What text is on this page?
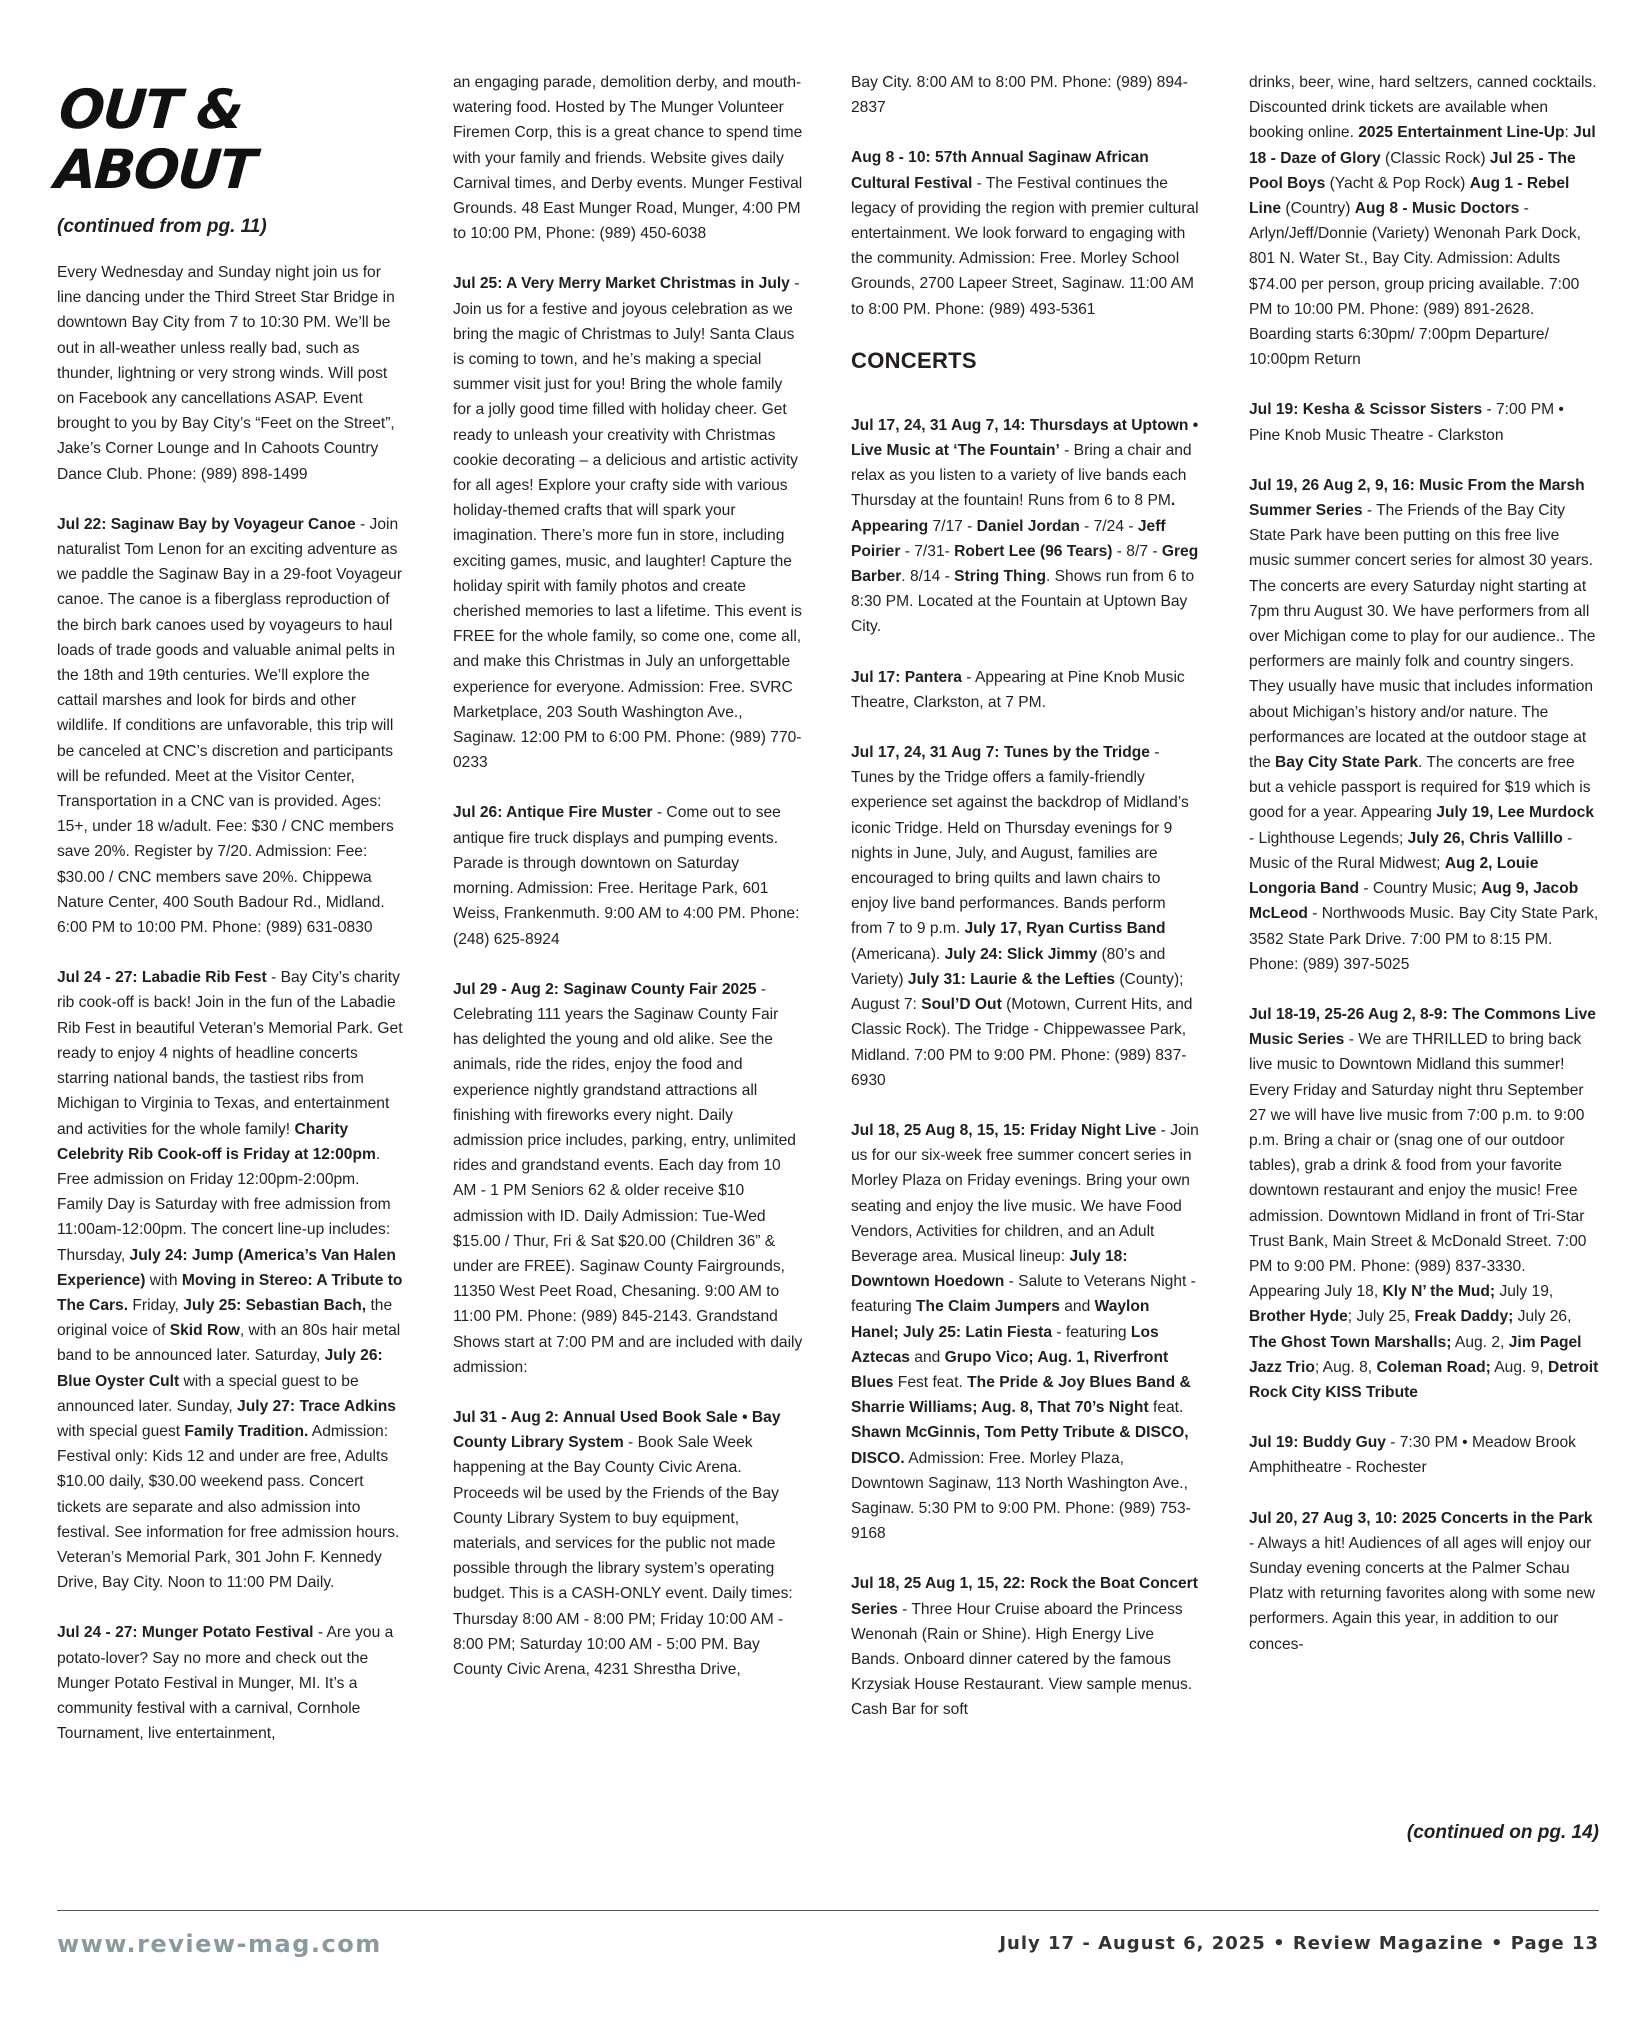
OUT & ABOUT
(continued from pg. 11)
Every Wednesday and Sunday night join us for line dancing under the Third Street Star Bridge in downtown Bay City from 7 to 10:30 PM. We’ll be out in all-weather unless really bad, such as thunder, lightning or very strong winds. Will post on Facebook any cancellations ASAP. Event brought to you by Bay City’s “Feet on the Street”, Jake’s Corner Lounge and In Cahoots Country Dance Club. Phone: (989) 898-1499
Jul 22: Saginaw Bay by Voyageur Canoe - Join naturalist Tom Lenon for an exciting adventure as we paddle the Saginaw Bay in a 29-foot Voyageur canoe. The canoe is a fiberglass reproduction of the birch bark canoes used by voyageurs to haul loads of trade goods and valuable animal pelts in the 18th and 19th centuries. We’ll explore the cattail marshes and look for birds and other wildlife. If conditions are unfavorable, this trip will be canceled at CNC’s discretion and participants will be refunded. Meet at the Visitor Center, Transportation in a CNC van is provided. Ages: 15+, under 18 w/adult. Fee: $30 / CNC members save 20%. Register by 7/20. Admission: Fee: $30.00 / CNC members save 20%. Chippewa Nature Center, 400 South Badour Rd., Midland. 6:00 PM to 10:00 PM. Phone: (989) 631-0830
Jul 24 - 27: Labadie Rib Fest - Bay City’s charity rib cook-off is back! Join in the fun of the Labadie Rib Fest in beautiful Veteran’s Memorial Park. Get ready to enjoy 4 nights of headline concerts starring national bands, the tastiest ribs from Michigan to Virginia to Texas, and entertainment and activities for the whole family! Charity Celebrity Rib Cook-off is Friday at 12:00pm. Free admission on Friday 12:00pm-2:00pm. Family Day is Saturday with free admission from 11:00am-12:00pm. The concert line-up includes: Thursday, July 24: Jump (America’s Van Halen Experience) with Moving in Stereo: A Tribute to The Cars. Friday, July 25: Sebastian Bach, the original voice of Skid Row, with an 80s hair metal band to be announced later. Saturday, July 26: Blue Oyster Cult with a special guest to be announced later. Sunday, July 27: Trace Adkins with special guest Family Tradition. Admission: Festival only: Kids 12 and under are free, Adults $10.00 daily, $30.00 weekend pass. Concert tickets are separate and also admission into festival. See information for free admission hours. Veteran’s Memorial Park, 301 John F. Kennedy Drive, Bay City. Noon to 11:00 PM Daily.
Jul 24 - 27: Munger Potato Festival - Are you a potato-lover? Say no more and check out the Munger Potato Festival in Munger, MI. It’s a community festival with a carnival, Cornhole Tournament, live entertainment,
an engaging parade, demolition derby, and mouth-watering food. Hosted by The Munger Volunteer Firemen Corp, this is a great chance to spend time with your family and friends. Website gives daily Carnival times, and Derby events. Munger Festival Grounds. 48 East Munger Road, Munger, 4:00 PM to 10:00 PM, Phone: (989) 450-6038
Jul 25: A Very Merry Market Christmas in July - Join us for a festive and joyous celebration as we bring the magic of Christmas to July! Santa Claus is coming to town, and he’s making a special summer visit just for you! Bring the whole family for a jolly good time filled with holiday cheer. Get ready to unleash your creativity with Christmas cookie decorating – a delicious and artistic activity for all ages! Explore your crafty side with various holiday-themed crafts that will spark your imagination. There’s more fun in store, including exciting games, music, and laughter! Capture the holiday spirit with family photos and create cherished memories to last a lifetime. This event is FREE for the whole family, so come one, come all, and make this Christmas in July an unforgettable experience for everyone. Admission: Free. SVRC Marketplace, 203 South Washington Ave., Saginaw. 12:00 PM to 6:00 PM. Phone: (989) 770-0233
Jul 26: Antique Fire Muster - Come out to see antique fire truck displays and pumping events. Parade is through downtown on Saturday morning. Admission: Free. Heritage Park, 601 Weiss, Frankenmuth. 9:00 AM to 4:00 PM. Phone: (248) 625-8924
Jul 29 - Aug 2: Saginaw County Fair 2025 - Celebrating 111 years the Saginaw County Fair has delighted the young and old alike. See the animals, ride the rides, enjoy the food and experience nightly grandstand attractions all finishing with fireworks every night. Daily admission price includes, parking, entry, unlimited rides and grandstand events. Each day from 10 AM - 1 PM Seniors 62 & older receive $10 admission with ID. Daily Admission: Tue-Wed $15.00 / Thur, Fri & Sat $20.00 (Children 36” & under are FREE). Saginaw County Fairgrounds, 11350 West Peet Road, Chesaning. 9:00 AM to 11:00 PM. Phone: (989) 845-2143. Grandstand Shows start at 7:00 PM and are included with daily admission:
Jul 31 - Aug 2: Annual Used Book Sale • Bay County Library System - Book Sale Week happening at the Bay County Civic Arena. Proceeds wil be used by the Friends of the Bay County Library System to buy equipment, materials, and services for the public not made possible through the library system’s operating budget. This is a CASH-ONLY event. Daily times: Thursday 8:00 AM - 8:00 PM; Friday 10:00 AM - 8:00 PM; Saturday 10:00 AM - 5:00 PM. Bay County Civic Arena, 4231 Shrestha Drive,
Bay City. 8:00 AM to 8:00 PM. Phone: (989) 894-2837
Aug 8 - 10: 57th Annual Saginaw African Cultural Festival - The Festival continues the legacy of providing the region with premier cultural entertainment. We look forward to engaging with the community. Admission: Free. Morley School Grounds, 2700 Lapeer Street, Saginaw. 11:00 AM to 8:00 PM. Phone: (989) 493-5361
CONCERTS
Jul 17, 24, 31 Aug 7, 14: Thursdays at Uptown • Live Music at ‘The Fountain’ - Bring a chair and relax as you listen to a variety of live bands each Thursday at the fountain! Runs from 6 to 8 PM. Appearing 7/17 - Daniel Jordan - 7/24 - Jeff Poirier - 7/31- Robert Lee (96 Tears) - 8/7 - Greg Barber. 8/14 - String Thing. Shows run from 6 to 8:30 PM. Located at the Fountain at Uptown Bay City.
Jul 17: Pantera - Appearing at Pine Knob Music Theatre, Clarkston, at 7 PM.
Jul 17, 24, 31 Aug 7: Tunes by the Tridge - Tunes by the Tridge offers a family-friendly experience set against the backdrop of Midland’s iconic Tridge. Held on Thursday evenings for 9 nights in June, July, and August, families are encouraged to bring quilts and lawn chairs to enjoy live band performances. Bands perform from 7 to 9 p.m. July 17, Ryan Curtiss Band (Americana). July 24: Slick Jimmy (80’s and Variety) July 31: Laurie & the Lefties (County); August 7: Soul’D Out (Motown, Current Hits, and Classic Rock). The Tridge - Chippewassee Park, Midland. 7:00 PM to 9:00 PM. Phone: (989) 837-6930
Jul 18, 25 Aug 8, 15, 15: Friday Night Live - Join us for our six-week free summer concert series in Morley Plaza on Friday evenings. Bring your own seating and enjoy the live music. We have Food Vendors, Activities for children, and an Adult Beverage area. Musical lineup: July 18: Downtown Hoedown - Salute to Veterans Night - featuring The Claim Jumpers and Waylon Hanel; July 25: Latin Fiesta - featuring Los Aztecas and Grupo Vico; Aug. 1, Riverfront Blues Fest feat. The Pride & Joy Blues Band & Sharrie Williams; Aug. 8, That 70’s Night feat. Shawn McGinnis, Tom Petty Tribute & DISCO, DISCO. Admission: Free. Morley Plaza, Downtown Saginaw, 113 North Washington Ave., Saginaw. 5:30 PM to 9:00 PM. Phone: (989) 753-9168
Jul 18, 25 Aug 1, 15, 22: Rock the Boat Concert Series - Three Hour Cruise aboard the Princess Wenonah (Rain or Shine). High Energy Live Bands. Onboard dinner catered by the famous Krzysiak House Restaurant. View sample menus. Cash Bar for soft
drinks, beer, wine, hard seltzers, canned cocktails. Discounted drink tickets are available when booking online. 2025 Entertainment Line-Up: Jul 18 - Daze of Glory (Classic Rock) Jul 25 - The Pool Boys (Yacht & Pop Rock) Aug 1 - Rebel Line (Country) Aug 8 - Music Doctors - Arlyn/Jeff/Donnie (Variety) Wenonah Park Dock, 801 N. Water St., Bay City. Admission: Adults $74.00 per person, group pricing available. 7:00 PM to 10:00 PM. Phone: (989) 891-2628. Boarding starts 6:30pm/ 7:00pm Departure/ 10:00pm Return
Jul 19: Kesha & Scissor Sisters - 7:00 PM • Pine Knob Music Theatre - Clarkston
Jul 19, 26 Aug 2, 9, 16: Music From the Marsh Summer Series - The Friends of the Bay City State Park have been putting on this free live music summer concert series for almost 30 years. The concerts are every Saturday night starting at 7pm thru August 30. We have performers from all over Michigan come to play for our audience.. The performers are mainly folk and country singers. They usually have music that includes information about Michigan’s history and/or nature. The performances are located at the outdoor stage at the Bay City State Park. The concerts are free but a vehicle passport is required for $19 which is good for a year. Appearing July 19, Lee Murdock - Lighthouse Legends; July 26, Chris Vallillo - Music of the Rural Midwest; Aug 2, Louie Longoria Band - Country Music; Aug 9, Jacob McLeod - Northwoods Music. Bay City State Park, 3582 State Park Drive. 7:00 PM to 8:15 PM. Phone: (989) 397-5025
Jul 18-19, 25-26 Aug 2, 8-9: The Commons Live Music Series - We are THRILLED to bring back live music to Downtown Midland this summer! Every Friday and Saturday night thru September 27 we will have live music from 7:00 p.m. to 9:00 p.m. Bring a chair or (snag one of our outdoor tables), grab a drink & food from your favorite downtown restaurant and enjoy the music! Free admission. Downtown Midland in front of Tri-Star Trust Bank, Main Street & McDonald Street. 7:00 PM to 9:00 PM. Phone: (989) 837-3330. Appearing July 18, Kly N’ the Mud; July 19, Brother Hyde; July 25, Freak Daddy; July 26, The Ghost Town Marshalls; Aug. 2, Jim Pagel Jazz Trio; Aug. 8, Coleman Road; Aug. 9, Detroit Rock City KISS Tribute
Jul 19: Buddy Guy - 7:30 PM • Meadow Brook Amphitheatre - Rochester
Jul 20, 27 Aug 3, 10: 2025 Concerts in the Park - Always a hit! Audiences of all ages will enjoy our Sunday evening concerts at the Palmer Schau Platz with returning favorites along with some new performers. Again this year, in addition to our conces-
(continued on pg. 14)
www.review-mag.com	July 17 - August 6, 2025 • Review Magazine • Page 13
